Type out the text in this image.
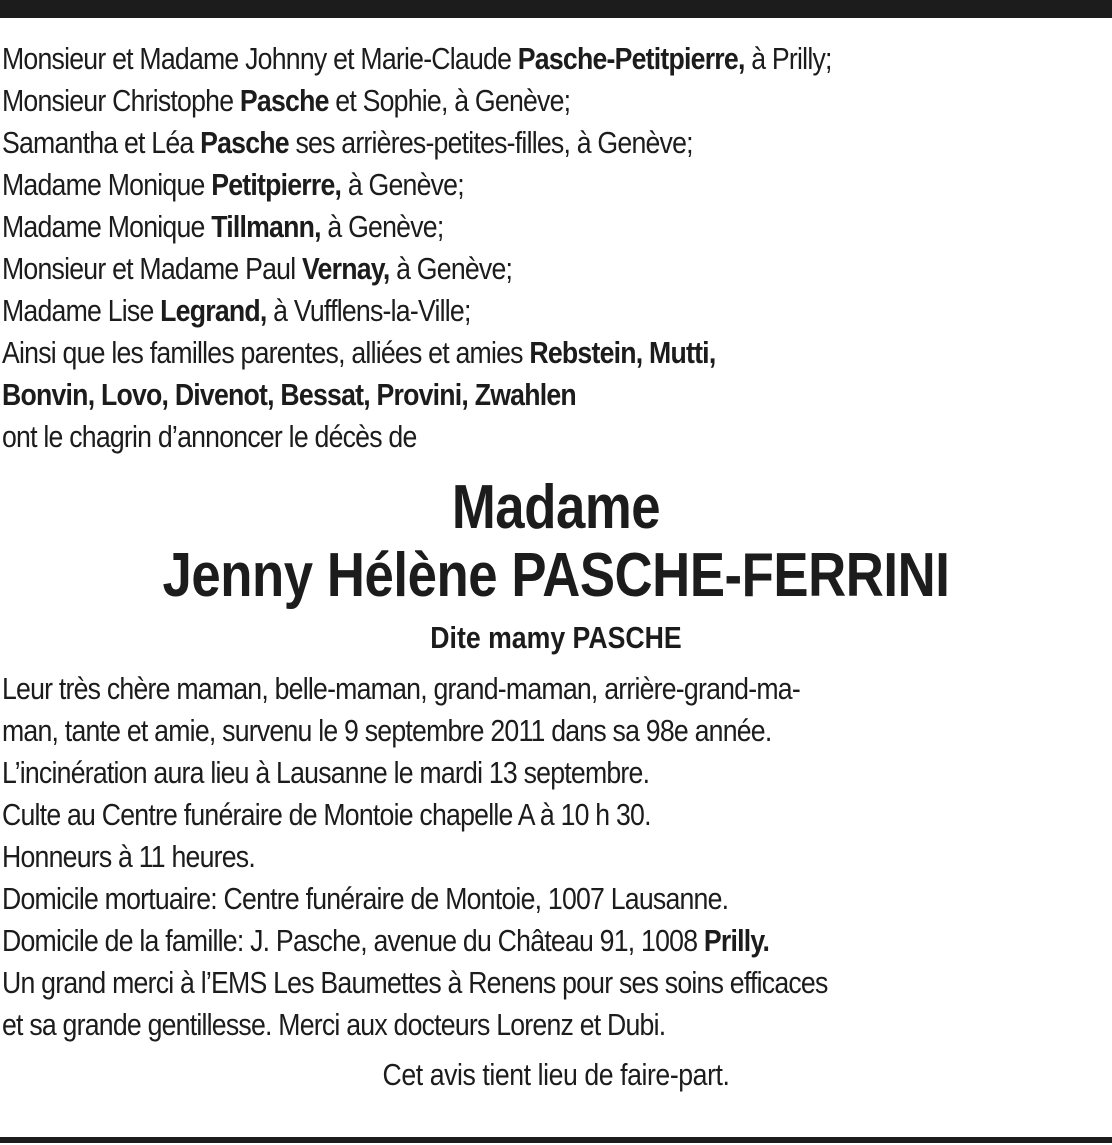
Monsieur et Madame Johnny et Marie-Claude Pasche-Petitpierre, à Prilly;
Monsieur Christophe Pasche et Sophie, à Genève;
Samantha et Léa Pasche ses arrières-petites-filles, à Genève;
Madame Monique Petitpierre, à Genève;
Madame Monique Tillmann, à Genève;
Monsieur et Madame Paul Vernay, à Genève;
Madame Lise Legrand, à Vufflens-la-Ville;
Ainsi que les familles parentes, alliées et amies Rebstein, Mutti,
Bonvin, Lovo, Divenot, Bessat, Provini, Zwahlen
ont le chagrin d’annoncer le décès de
Madame
Jenny Hélène PASCHE-FERRINI
Dite mamy PASCHE
Leur très chère maman, belle-maman, grand-maman, arrière-grand-ma-
man, tante et amie, survenu le 9 septembre 2011 dans sa 98e année.
L’incinération aura lieu à Lausanne le mardi 13 septembre.
Culte au Centre funéraire de Montoie chapelle A à 10 h 30.
Honneurs à 11 heures.
Domicile mortuaire: Centre funéraire de Montoie, 1007 Lausanne.
Domicile de la famille: J. Pasche, avenue du Château 91, 1008 Prilly.
Un grand merci à l’EMS Les Baumettes à Renens pour ses soins efficaces
et sa grande gentillesse. Merci aux docteurs Lorenz et Dubi.
Cet avis tient lieu de faire-part.
